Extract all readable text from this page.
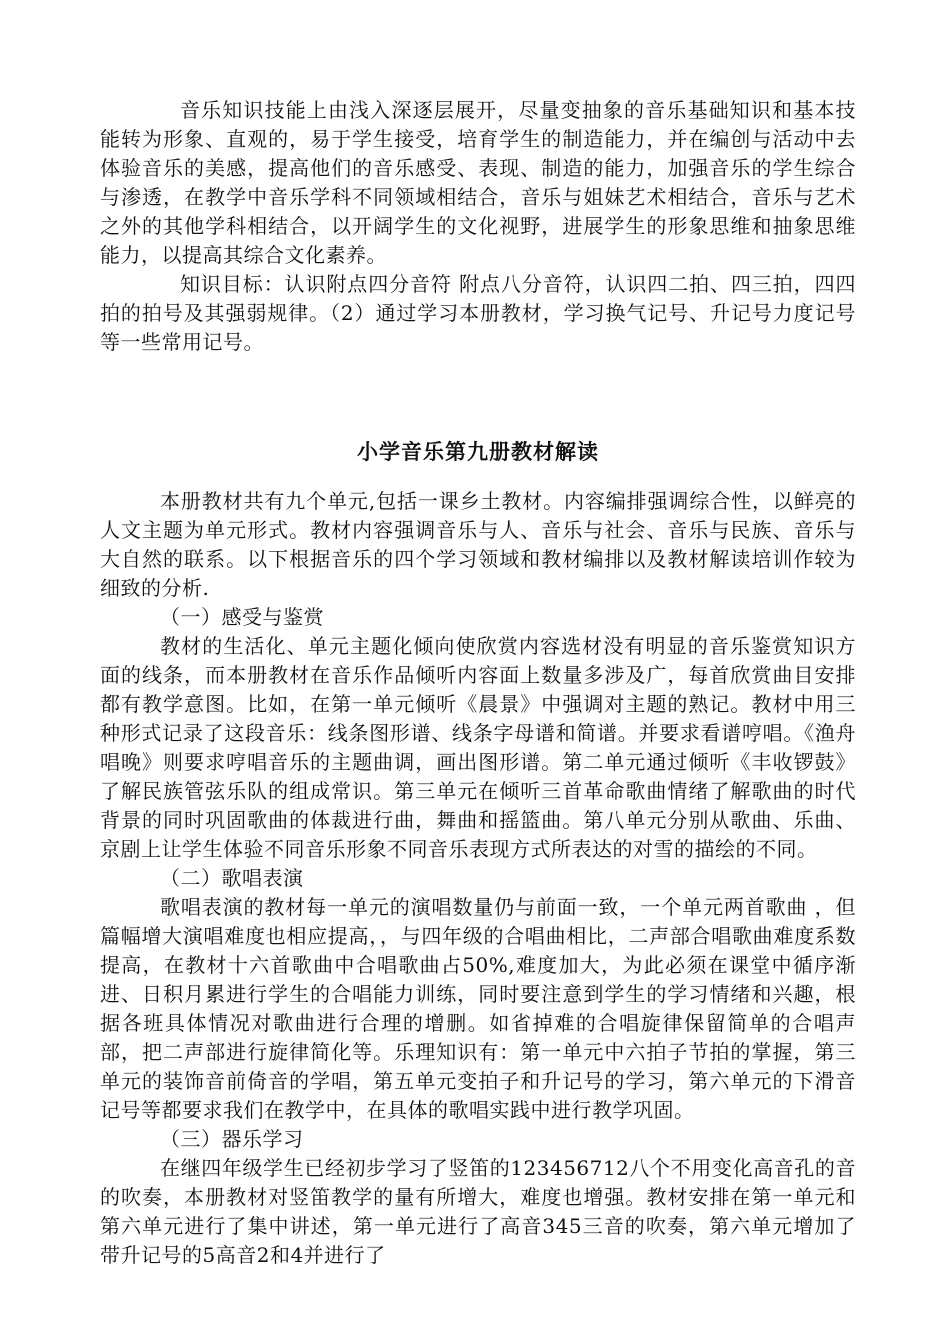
音乐知识技能上由浅入深逐层展开，尽量变抽象的音乐基础知识和基本技能转为形象、直观的，易于学生接受，培育学生的制造能力，并在编创与活动中去体验音乐的美感，提高他们的音乐感受、表现、制造的能力，加强音乐的学生综合与渗透，在教学中音乐学科不同领域相结合，音乐与姐妹艺术相结合，音乐与艺术之外的其他学科相结合，以开阔学生的文化视野，进展学生的形象思维和抽象思维能力，以提高其综合文化素养。

知识目标：认识附点四分音符 附点八分音符，认识四二拍、四三拍，四四拍的拍号及其强弱规律。（2）通过学习本册教材，学习换气记号、升记号力度记号等一些常用记号。

小学音乐第九册教材解读

本册教材共有九个单元,包括一课乡土教材。内容编排强调综合性，以鲜亮的人文主题为单元形式。教材内容强调音乐与人、音乐与社会、音乐与民族、音乐与大自然的联系。以下根据音乐的四个学习领域和教材编排以及教材解读培训作较为细致的分析.

（一）感受与鉴赏

教材的生活化、单元主题化倾向使欣赏内容选材没有明显的音乐鉴赏知识方面的线条，而本册教材在音乐作品倾听内容面上数量多涉及广，每首欣赏曲目安排都有教学意图。比如，在第一单元倾听《晨景》中强调对主题的熟记。教材中用三种形式记录了这段音乐：线条图形谱、线条字母谱和简谱。并要求看谱哼唱。《渔舟唱晚》则要求哼唱音乐的主题曲调，画出图形谱。第二单元通过倾听《丰收锣鼓》了解民族管弦乐队的组成常识。第三单元在倾听三首革命歌曲情绪了解歌曲的时代背景的同时巩固歌曲的体裁进行曲，舞曲和摇篮曲。第八单元分别从歌曲、乐曲、京剧上让学生体验不同音乐形象不同音乐表现方式所表达的对雪的描绘的不同。

（二）歌唱表演

歌唱表演的教材每一单元的演唱数量仍与前面一致，一个单元两首歌曲 ，但篇幅增大演唱难度也相应提高，，与四年级的合唱曲相比，二声部合唱歌曲难度系数提高，在教材十六首歌曲中合唱歌曲占50%,难度加大，为此必须在课堂中循序渐进、日积月累进行学生的合唱能力训练，同时要注意到学生的学习情绪和兴趣，根据各班具体情况对歌曲进行合理的增删。如省掉难的合唱旋律保留简单的合唱声部，把二声部进行旋律简化等。乐理知识有：第一单元中六拍子节拍的掌握，第三单元的装饰音前倚音的学唱，第五单元变拍子和升记号的学习，第六单元的下滑音记号等都要求我们在教学中，在具体的歌唱实践中进行教学巩固。

（三）器乐学习

在继四年级学生已经初步学习了竖笛的123456712八个不用变化高音孔的音的吹奏，本册教材对竖笛教学的量有所增大，难度也增强。教材安排在第一单元和第六单元进行了集中讲述，第一单元进行了高音345三音的吹奏，第六单元增加了带升记号的5高音2和4并进行了
